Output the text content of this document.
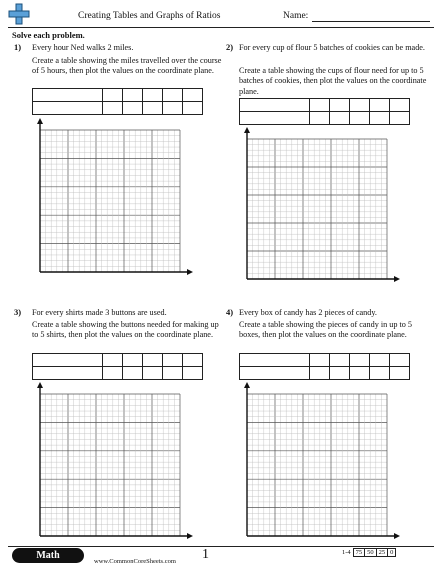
Creating Tables and Graphs of Ratios	Name:
Solve each problem.
1) Every hour Ned walks 2 miles.
Create a table showing the miles travelled over the course of 5 hours, then plot the values on the coordinate plane.

2) For every cup of flour 5 batches of cookies can be made.
Create a table showing the cups of flour need for up to 5 batches of cookies, then plot the values on the coordinate plane.

3) For every shirts made 3 buttons are used.
Create a table showing the buttons needed for making up to 5 shirts, then plot the values on the coordinate plane.

4) Every box of candy has 2 pieces of candy.
Create a table showing the pieces of candy in up to 5 boxes, then plot the values on the coordinate plane.

Math
www.CommonCoreSheets.com 1	1-4	75	50	25	0
